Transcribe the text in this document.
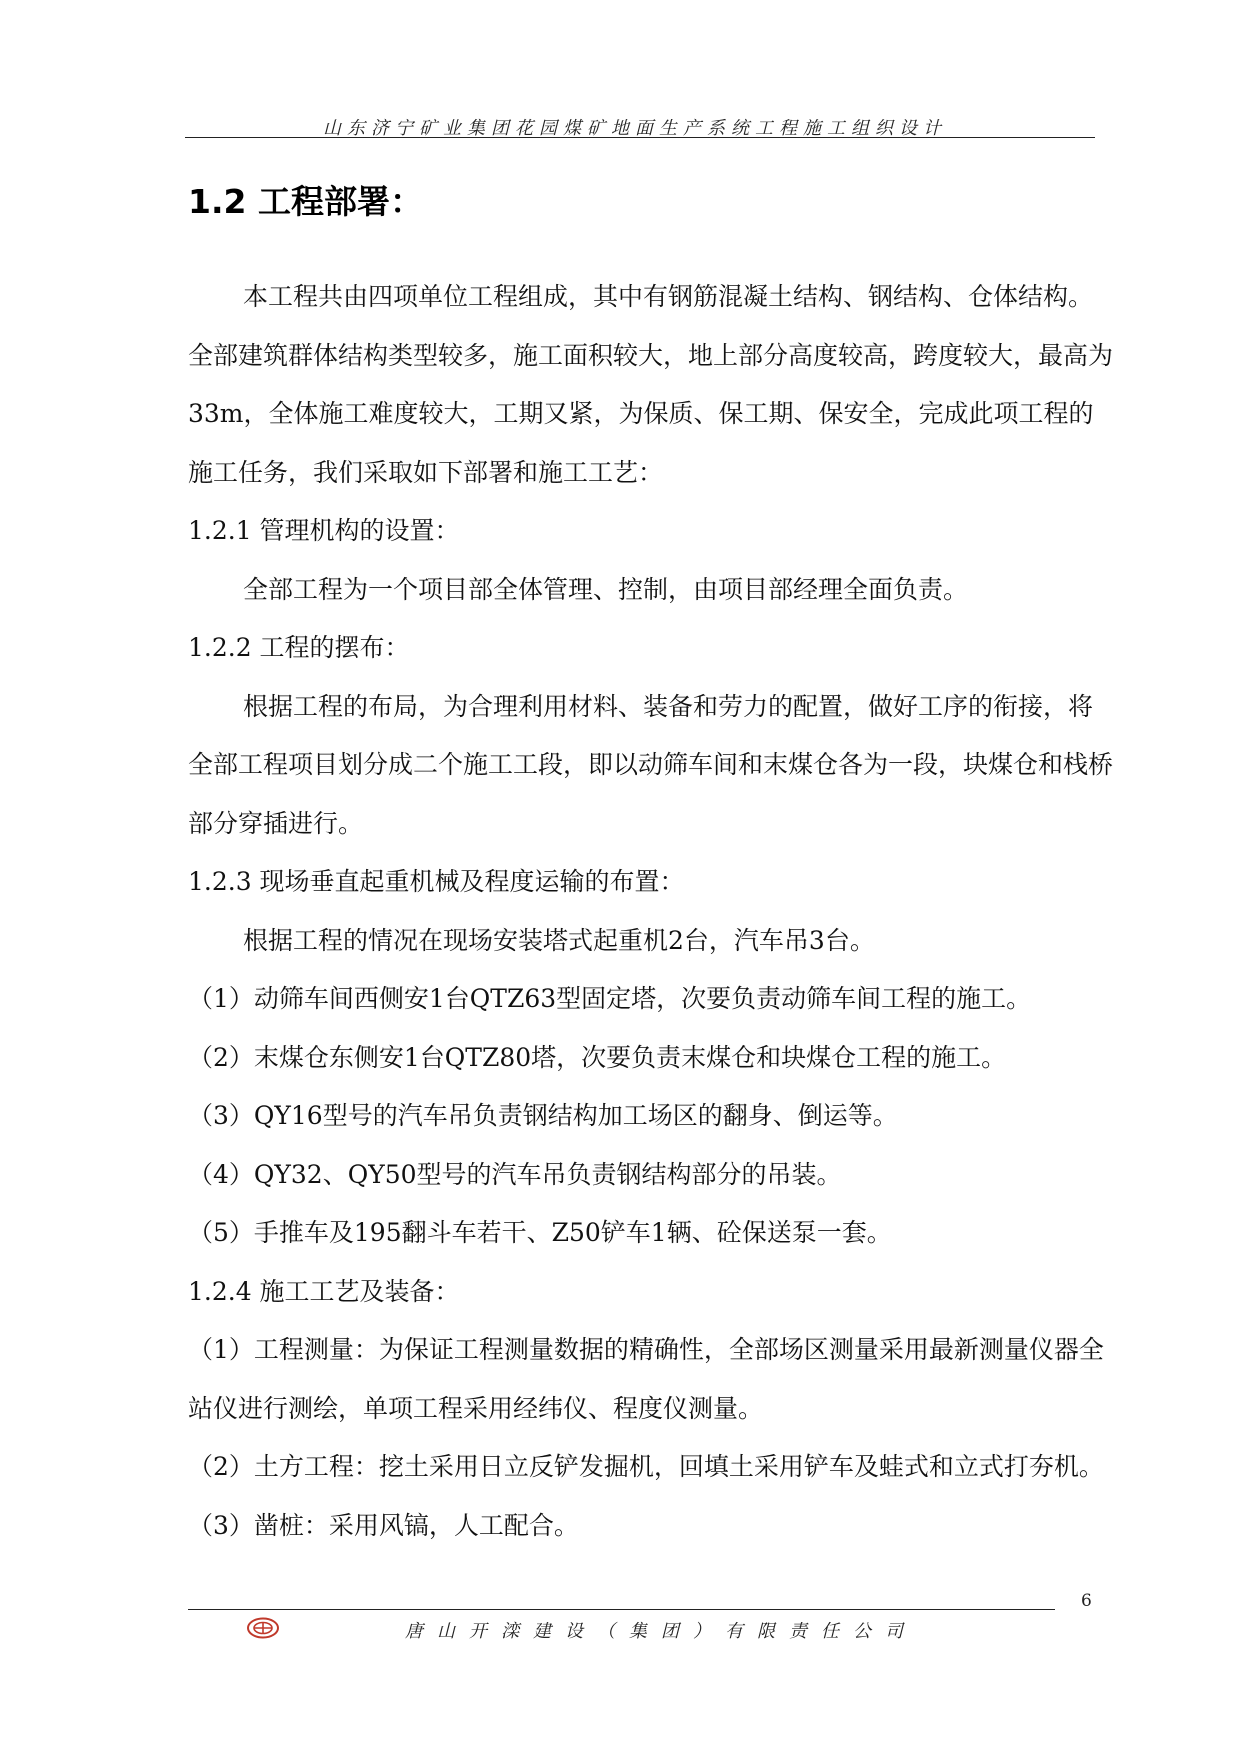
山东济宁矿业集团花园煤矿地面生产系统工程施工组织设计
1.2 工程部署：

本工程共由四项单位工程组成，其中有钢筋混凝土结构、钢结构、仓体结构。全部建筑群体结构类型较多，施工面积较大，地上部分高度较高，跨度较大，最高为33m，全体施工难度较大，工期又紧，为保质、保工期、保安全，完成此项工程的施工任务，我们采取如下部署和施工工艺：

1.2.1 管理机构的设置：

全部工程为一个项目部全体管理、控制，由项目部经理全面负责。

1.2.2 工程的摆布：

根据工程的布局，为合理利用材料、装备和劳力的配置，做好工序的衔接，将全部工程项目划分成二个施工工段，即以动筛车间和末煤仓各为一段，块煤仓和栈桥部分穿插进行。

1.2.3 现场垂直起重机械及程度运输的布置：

根据工程的情况在现场安装塔式起重机2台，汽车吊3台。

（1）动筛车间西侧安1台QTZ63型固定塔，次要负责动筛车间工程的施工。

（2）末煤仓东侧安1台QTZ80塔，次要负责末煤仓和块煤仓工程的施工。

（3）QY16型号的汽车吊负责钢结构加工场区的翻身、倒运等。

（4）QY32、QY50型号的汽车吊负责钢结构部分的吊装。

（5）手推车及195翻斗车若干、Z50铲车1辆、砼保送泵一套。

1.2.4 施工工艺及装备：

（1）工程测量：为保证工程测量数据的精确性，全部场区测量采用最新测量仪器全站仪进行测绘，单项工程采用经纬仪、程度仪测量。

（2）土方工程：挖土采用日立反铲发掘机，回填土采用铲车及蛙式和立式打夯机。

（3）凿桩：采用风镐，人工配合。

6
唐山开滦建设（集团）有限责任公司
